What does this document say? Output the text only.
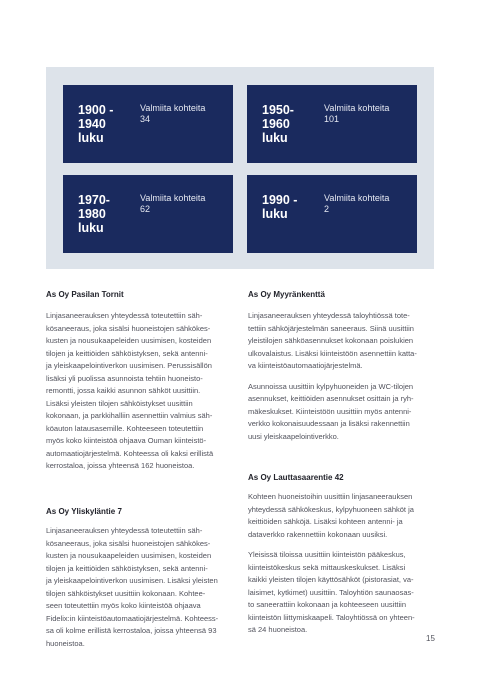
1900 -
1940
luku
Valmiita kohteita
34
1950-
1960
luku
Valmiita kohteita
101
1970-
1980
luku
Valmiita kohteita
62
1990 -
luku
Valmiita kohteita
2
As Oy Pasilan Tornit

Linjasaneerauksen yhteydessä toteutettiin säh-
kösaneeraus, joka sisälsi huoneistojen sähkökes-
kusten ja nousukaapeleiden uusimisen, kosteiden
tilojen ja keittiöiden sähköistyksen, sekä antenni-
ja yleiskaapelointiverkon uusimisen. Perussisällön
lisäksi yli puolissa asunnoista tehtiin huoneisto-
remontti, jossa kaikki asunnon sähköt uusittiin.
Lisäksi yleisten tilojen sähköistykset uusittiin
kokonaan, ja parkkihalliin asennettiin valmius säh-
köauton latausasemille. Kohteeseen toteutettiin
myös koko kiinteistöä ohjaava Ouman kiinteistö-
automaatiojärjestelmä. Kohteessa oli kaksi erillistä
kerrostaloa, joissa yhteensä 162 huoneistoa.

As Oy Yliskyläntie 7

Linjasaneerauksen yhteydessä toteutettiin säh-
kösaneeraus, joka sisälsi huoneistojen sähkökes-
kusten ja nousukaapeleiden uusimisen, kosteiden
tilojen ja keittiöiden sähköistyksen, sekä antenni-
ja yleiskaapelointiverkon uusimisen. Lisäksi yleisten
tilojen sähköistykset uusittiin kokonaan. Kohtee-
seen toteutettiin myös koko kiinteistöä ohjaava
Fidelix:in kiinteistöautomaatiojärjestelmä. Kohteess-
sa oli kolme erillistä kerrostaloa, joissa yhteensä 93
huoneistoa.

As Oy Myyränkenttä

Linjasaneerauksen yhteydessä taloyhtiössä tote-
tettiin sähköjärjestelmän saneeraus. Siinä uusittiin
yleistilojen sähköasennukset kokonaan poislukien
ulkovalaistus. Lisäksi kiinteistöön asennettiin katta-
va kiinteistöautomaatiojärjestelmä.

Asunnoissa uusittiin kylpyhuoneiden ja WC-tilojen
asennukset, keittiöiden asennukset osittain ja ryh-
mäkeskukset. Kiinteistöön uusittiin myös antenni-
verkko kokonaisuudessaan ja lisäksi rakennettiin
uusi yleiskaapelointiverkko.

As Oy Lauttasaarentie 42

Kohteen huoneistoihin uusittiin linjasaneerauksen
yhteydessä sähkökeskus, kylpyhuoneen sähköt ja
keittiöiden sähköjä. Lisäksi kohteen antenni- ja
dataverkko rakennettiin kokonaan uusiksi.

Yleisissä tiloissa uusittiin kiinteistön pääkeskus,
kiinteistökeskus sekä mittauskeskukset. Lisäksi
kaikki yleisten tilojen käyttösähköt (pistorasiat, va-
laisimet, kytkimet) uusittiin. Taloyhtiön saunaosas-
to saneerattiin kokonaan ja kohteeseen uusittiin
kiinteistön liittymiskaapeli. Taloyhtiössä on yhteen-
sä 24 huoneistoa.

15
